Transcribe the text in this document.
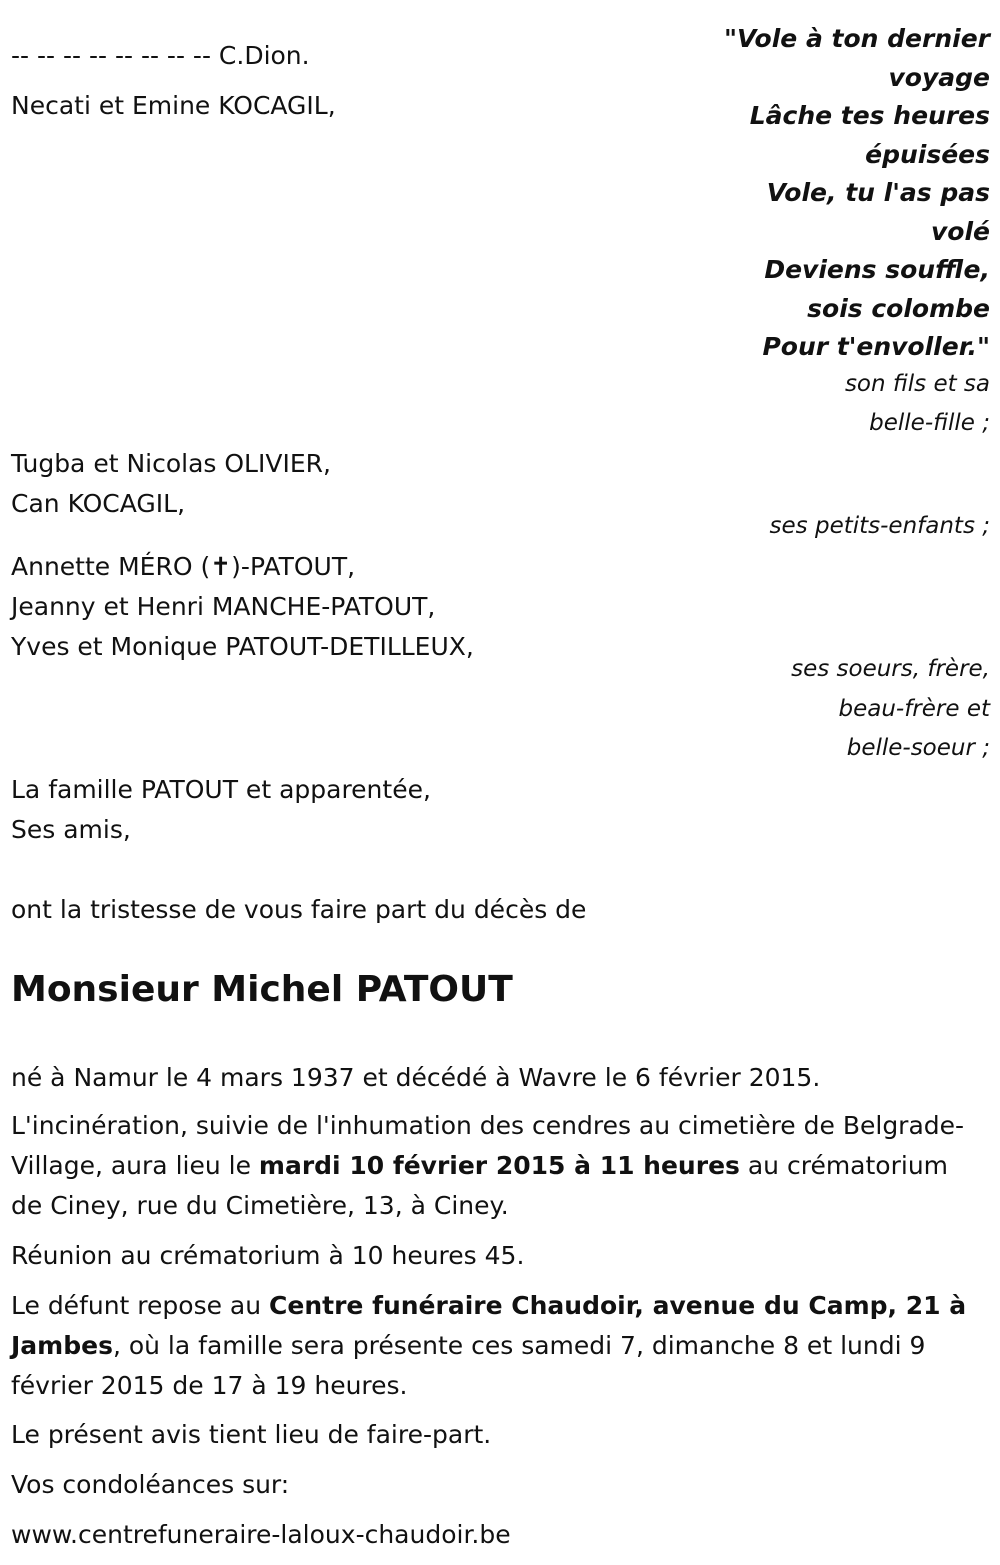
"Vole à ton dernier
voyage
Lâche tes heures
épuisées
Vole, tu l'as pas
volé
Deviens souffle,
sois colombe
Pour t'envoller."
-- -- -- -- -- -- -- -- C.Dion.
Necati et Emine KOCAGIL,
son fils et sa
belle-fille ;
Tugba et Nicolas OLIVIER,
Can KOCAGIL,
ses petits-enfants ;
Annette MÉRO (✝)-PATOUT,
Jeanny et Henri MANCHE-PATOUT,
Yves et Monique PATOUT-DETILLEUX,
ses soeurs, frère,
beau-frère et
belle-soeur ;
La famille PATOUT et apparentée,
Ses amis,
ont la tristesse de vous faire part du décès de
Monsieur Michel PATOUT
né à Namur le 4 mars 1937 et décédé à Wavre le 6 février 2015.
L'incinération, suivie de l'inhumation des cendres au cimetière de Belgrade-Village, aura lieu le mardi 10 février 2015 à 11 heures au crématorium de Ciney, rue du Cimetière, 13, à Ciney.
Réunion au crématorium à 10 heures 45.
Le défunt repose au Centre funéraire Chaudoir, avenue du Camp, 21 à Jambes, où la famille sera présente ces samedi 7, dimanche 8 et lundi 9 février 2015 de 17 à 19 heures.
Le présent avis tient lieu de faire-part.
Vos condoléances sur:
www.centrefuneraire-laloux-chaudoir.be
